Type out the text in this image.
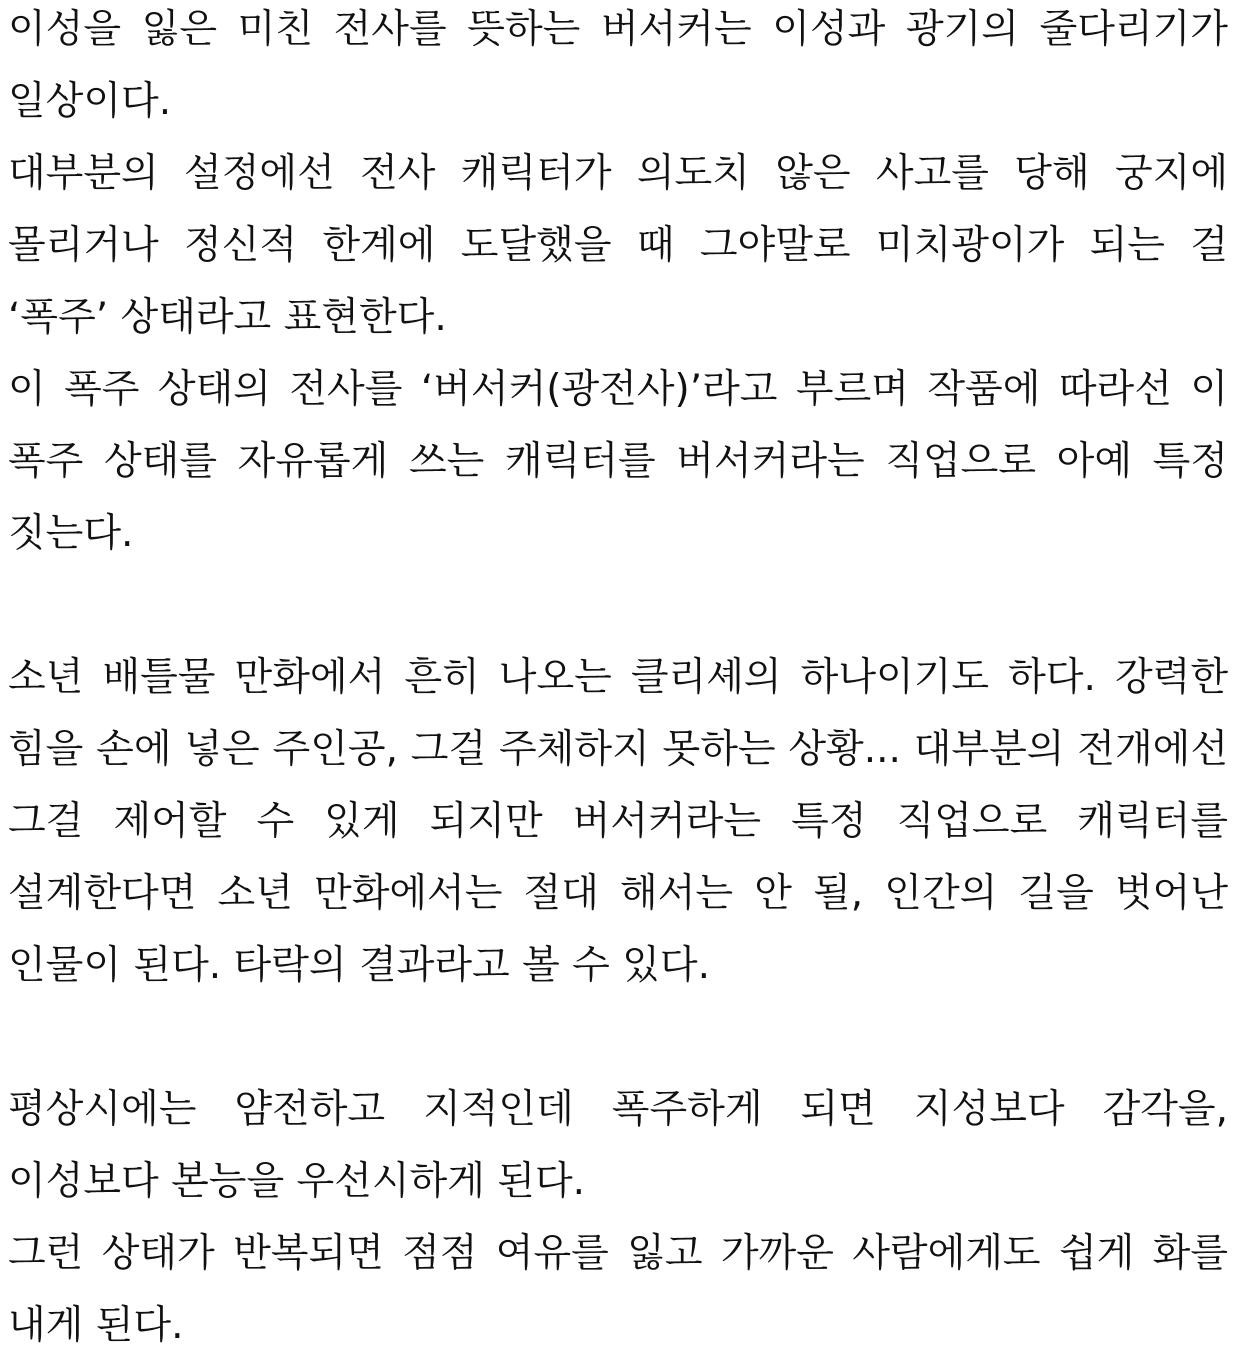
이성을 잃은 미친 전사를 뜻하는 버서커는 이성과 광기의 줄다리기가 일상이다.

대부분의 설정에선 전사 캐릭터가 의도치 않은 사고를 당해 궁지에 몰리거나 정신적 한계에 도달했을 때 그야말로 미치광이가 되는 걸 ‘폭주’ 상태라고 표현한다.

이 폭주 상태의 전사를 ‘버서커(광전사)’라고 부르며 작품에 따라선 이 폭주 상태를 자유롭게 쓰는 캐릭터를 버서커라는 직업으로 아예 특정 짓는다.

소년 배틀물 만화에서 흔히 나오는 클리셰의 하나이기도 하다. 강력한 힘을 손에 넣은 주인공, 그걸 주체하지 못하는 상황... 대부분의 전개에선 그걸 제어할 수 있게 되지만 버서커라는 특정 직업으로 캐릭터를 설계한다면 소년 만화에서는 절대 해서는 안 될, 인간의 길을 벗어난 인물이 된다. 타락의 결과라고 볼 수 있다.

평상시에는 얌전하고 지적인데 폭주하게 되면 지성보다 감각을, 이성보다 본능을 우선시하게 된다.

그런 상태가 반복되면 점점 여유를 잃고 가까운 사람에게도 쉽게 화를 내게 된다.
